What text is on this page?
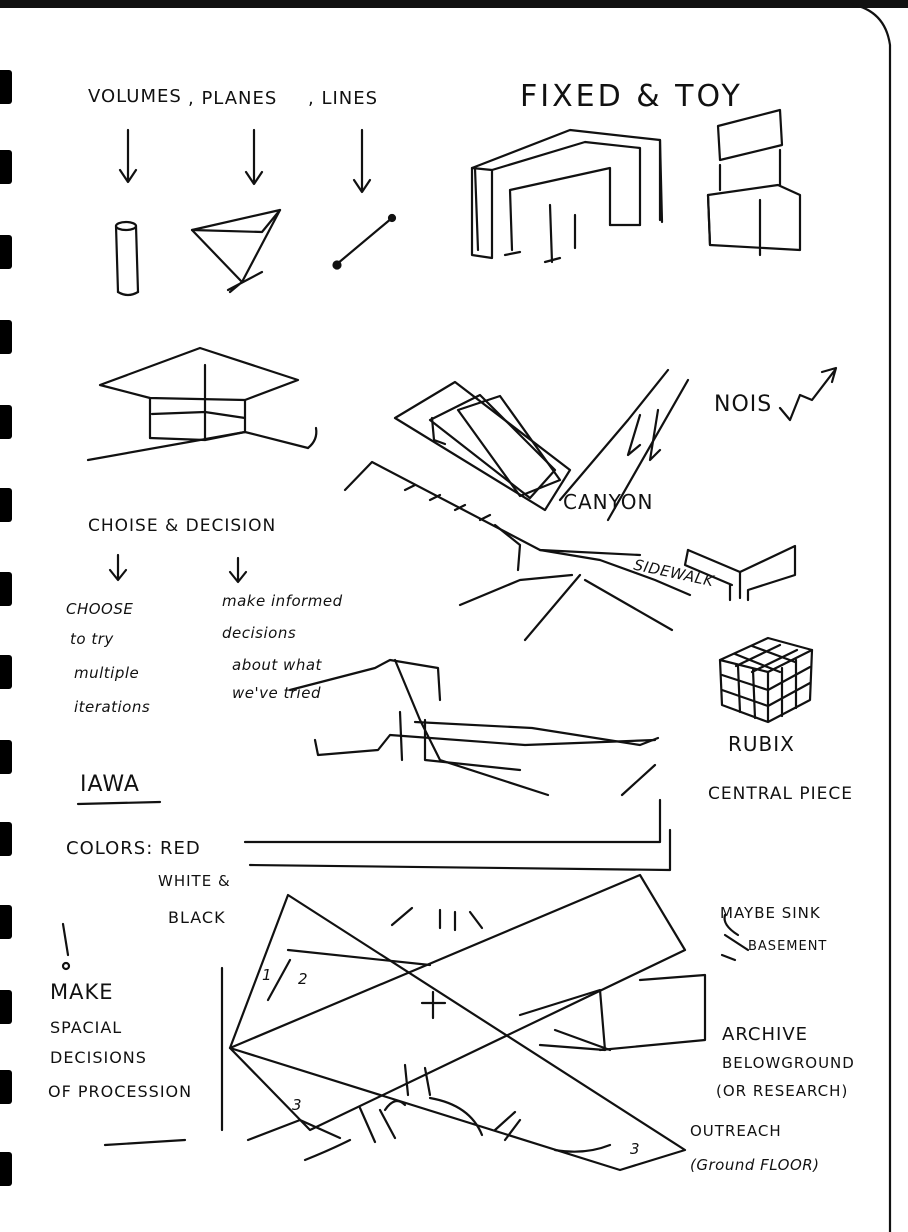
VOLUMES , PLANES , LINES	FIXED & TOY
NOIS
CANYON
SIDEWALK
CHOISE & DECISION
CHOOSE
to try
multiple
iterations
make informed
decisions
about what
we've tried
RUBIX
CENTRAL PIECE
IAWA
COLORS: RED
WHITE &
BLACK
MAKE
SPACIAL
DECISIONS
OF PROCESSION
MAYBE SINK
BASEMENT
ARCHIVE
BELOWGROUND
(OR RESEARCH)
OUTREACH
(Ground FLOOR)
1 2
3
3
